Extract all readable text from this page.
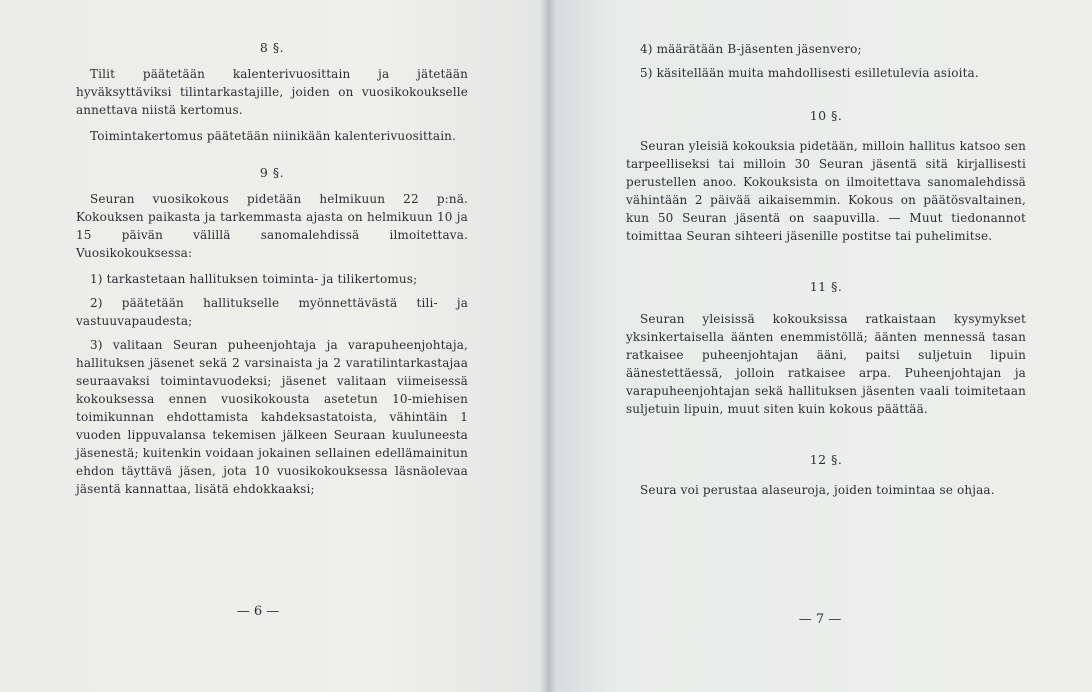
8 §.

Tilit päätetään kalenterivuosittain ja jätetään hyväksyttäviksi tilintarkastajille, joiden on vuosikokoukselle annettava niistä kertomus.

Toimintakertomus päätetään niinikään kalenterivuosittain.

9 §.

Seuran vuosikokous pidetään helmikuun 22 p:nä. Kokouksen paikasta ja tarkemmasta ajasta on helmikuun 10 ja 15 päivän välillä sanomalehdissä ilmoitettava. Vuosikokouksessa:

1) tarkastetaan hallituksen toiminta- ja tilikertomus;

2) päätetään hallitukselle myönnettävästä tili- ja vastuuvapaudesta;

3) valitaan Seuran puheenjohtaja ja varapuheenjohtaja, hallituksen jäsenet sekä 2 varsinaista ja 2 varatilintarkastajaa seuraavaksi toimintavuodeksi; jäsenet valitaan viimeisessä kokouksessa ennen vuosikokousta asetetun 10-miehisen toimikunnan ehdottamista kahdeksastatoista, vähintäin 1 vuoden lippuvalansa tekemisen jälkeen Seuraan kuuluneesta jäsenestä; kuitenkin voidaan jokainen sellainen edellämainitun ehdon täyttävä jäsen, jota 10 vuosikokouksessa läsnäolevaa jäsentä kannattaa, lisätä ehdokkaaksi;

— 6 —

4) määrätään B-jäsenten jäsenvero;

5) käsitellään muita mahdollisesti esilletulevia asioita.

10 §.

Seuran yleisiä kokouksia pidetään, milloin hallitus katsoo sen tarpeelliseksi tai milloin 30 Seuran jäsentä sitä kirjallisesti perustellen anoo. Kokouksista on ilmoitettava sanomalehdissä vähintään 2 päivää aikaisemmin. Kokous on päätösvaltainen, kun 50 Seuran jäsentä on saapuvilla. — Muut tiedonannot toimittaa Seuran sihteeri jäsenille postitse tai puhelimitse.

11 §.

Seuran yleisissä kokouksissa ratkaistaan kysymykset yksinkertaisella äänten enemmistöllä; äänten mennessä tasan ratkaisee puheenjohtajan ääni, paitsi suljetuin lipuin äänestettäessä, jolloin ratkaisee arpa. Puheenjohtajan ja varapuheenjohtajan sekä hallituksen jäsenten vaali toimitetaan suljetuin lipuin, muut siten kuin kokous päättää.

12 §.

Seura voi perustaa alaseuroja, joiden toimintaa se ohjaa.

— 7 —
